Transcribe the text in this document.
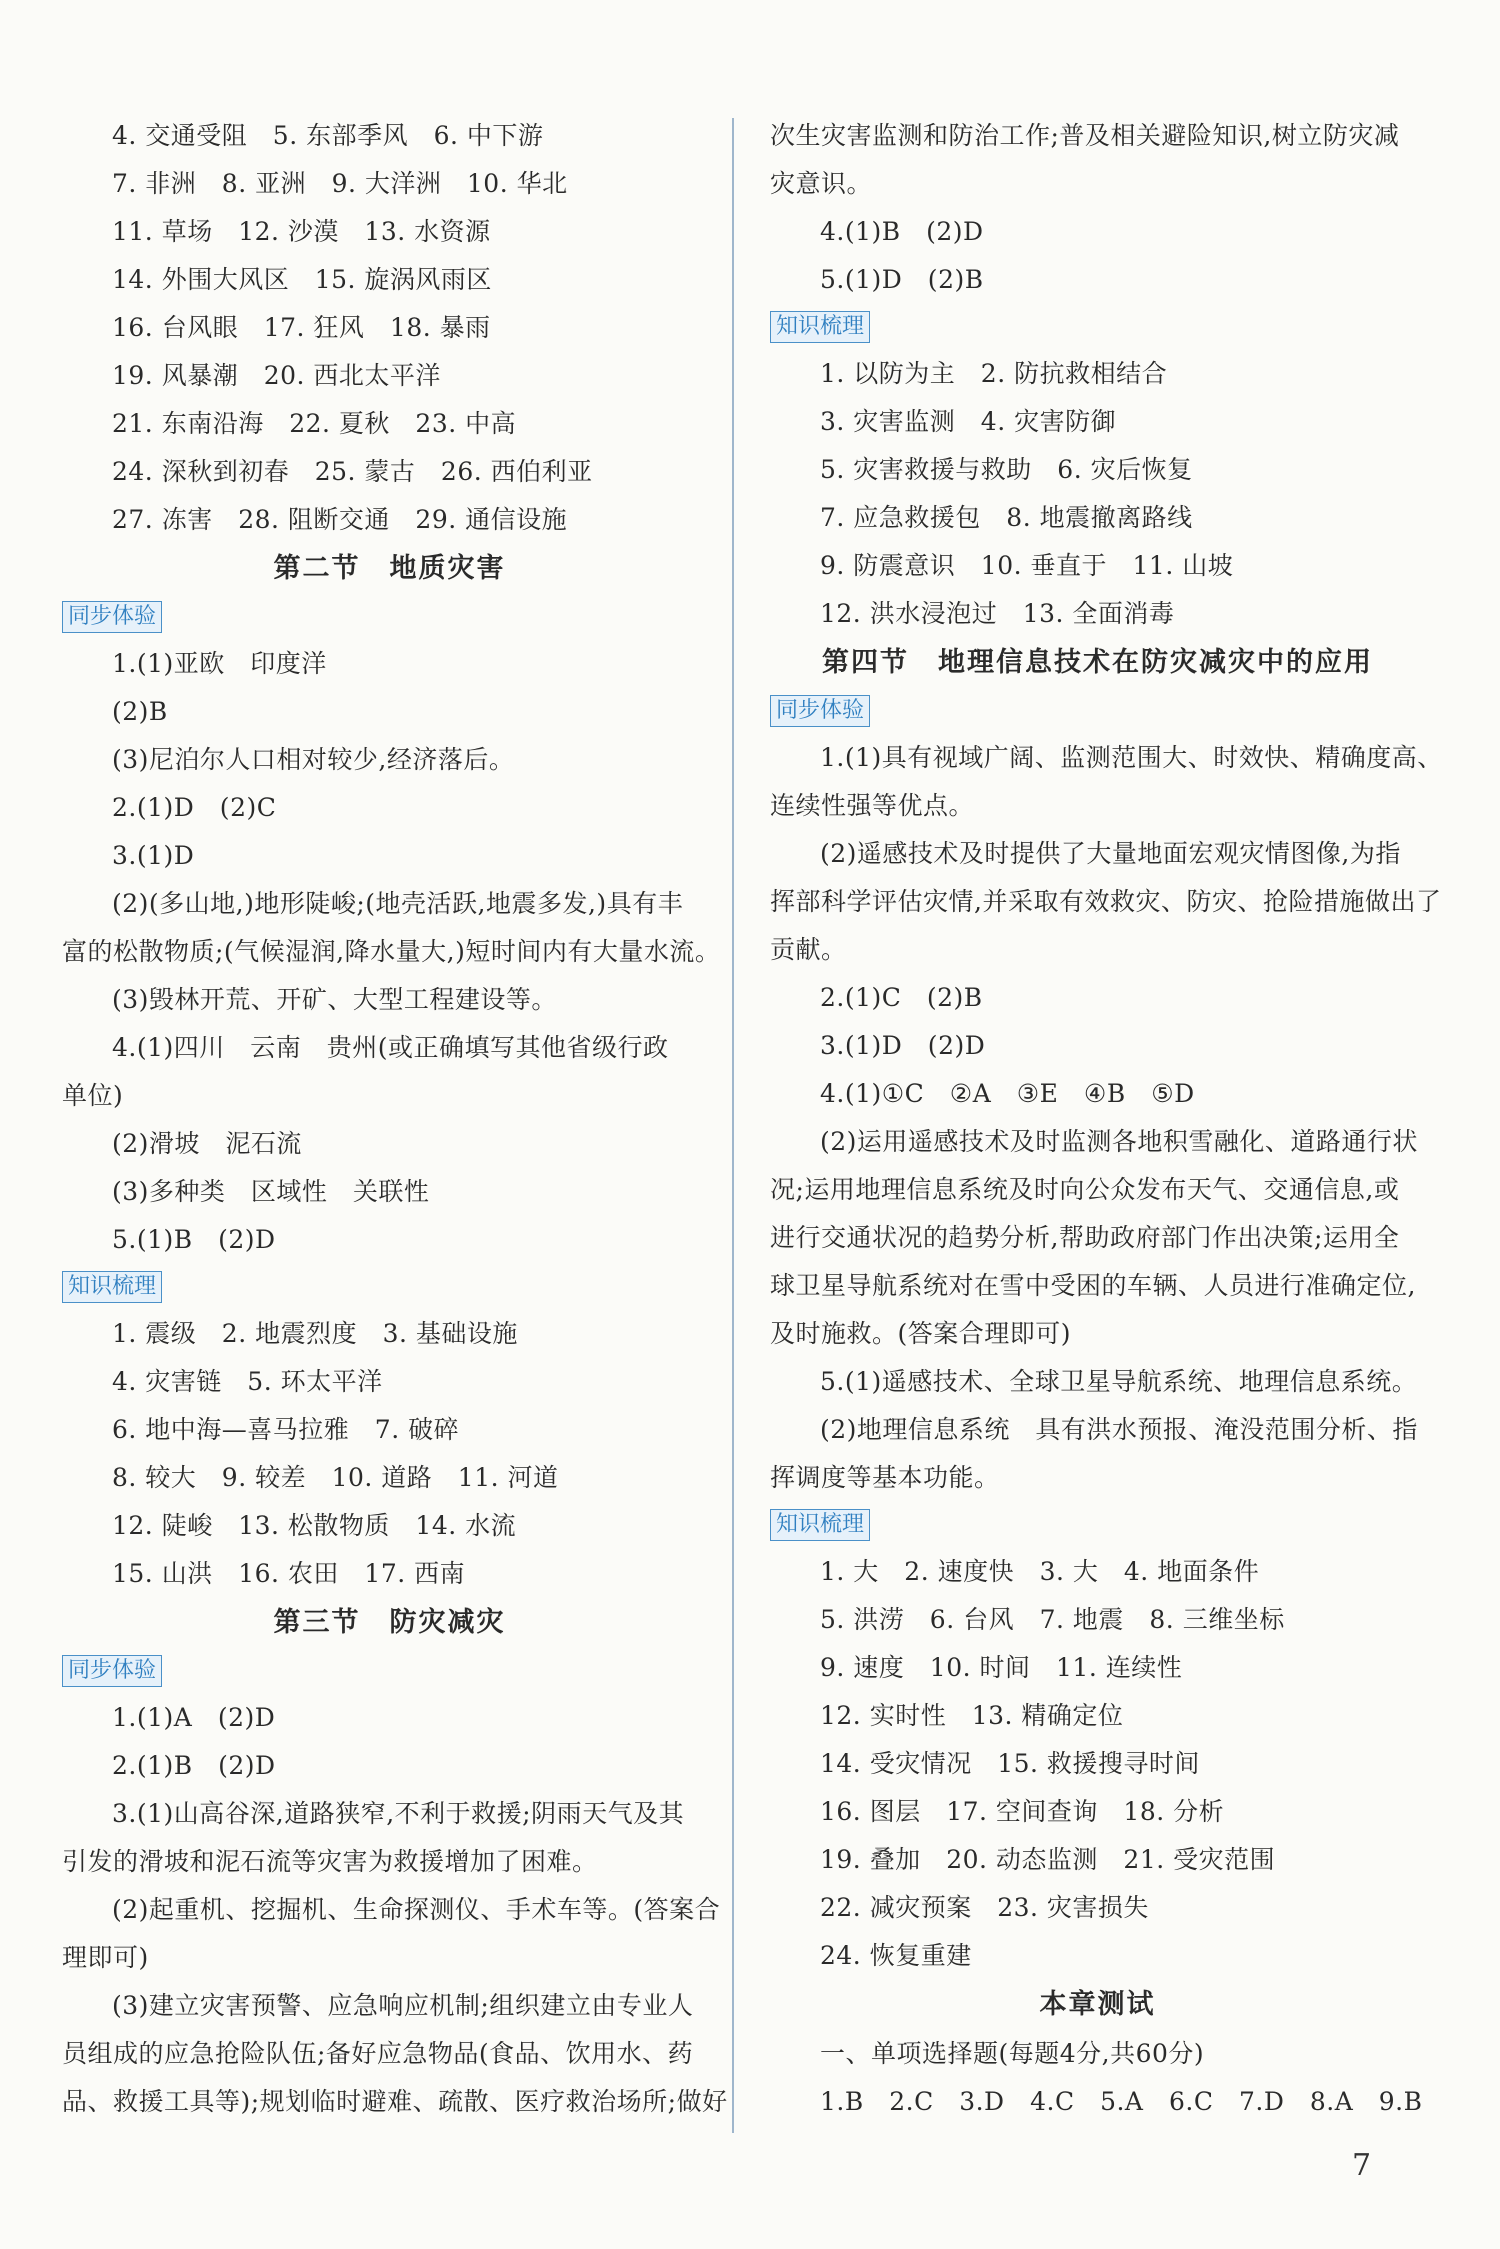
4. 交通受阻　5. 东部季风　6. 中下游
7. 非洲　8. 亚洲　9. 大洋洲　10. 华北
11. 草场　12. 沙漠　13. 水资源
14. 外围大风区　15. 旋涡风雨区
16. 台风眼　17. 狂风　18. 暴雨
19. 风暴潮　20. 西北太平洋
21. 东南沿海　22. 夏秋　23. 中高
24. 深秋到初春　25. 蒙古　26. 西伯利亚
27. 冻害　28. 阻断交通　29. 通信设施
第二节　地质灾害
同步体验
1.(1)亚欧　印度洋
(2)B
(3)尼泊尔人口相对较少,经济落后。
2.(1)D　(2)C
3.(1)D
(2)(多山地,)地形陡峻;(地壳活跃,地震多发,)具有丰
富的松散物质;(气候湿润,降水量大,)短时间内有大量水流。
(3)毁林开荒、开矿、大型工程建设等。
4.(1)四川　云南　贵州(或正确填写其他省级行政
单位)
(2)滑坡　泥石流
(3)多种类　区域性　关联性
5.(1)B　(2)D
知识梳理
1. 震级　2. 地震烈度　3. 基础设施
4. 灾害链　5. 环太平洋
6. 地中海—喜马拉雅　7. 破碎
8. 较大　9. 较差　10. 道路　11. 河道
12. 陡峻　13. 松散物质　14. 水流
15. 山洪　16. 农田　17. 西南
第三节　防灾减灾
同步体验
1.(1)A　(2)D
2.(1)B　(2)D
3.(1)山高谷深,道路狭窄,不利于救援;阴雨天气及其
引发的滑坡和泥石流等灾害为救援增加了困难。
(2)起重机、挖掘机、生命探测仪、手术车等。(答案合
理即可)
(3)建立灾害预警、应急响应机制;组织建立由专业人
员组成的应急抢险队伍;备好应急物品(食品、饮用水、药
品、救援工具等);规划临时避难、疏散、医疗救治场所;做好
次生灾害监测和防治工作;普及相关避险知识,树立防灾减
灾意识。
4.(1)B　(2)D
5.(1)D　(2)B
知识梳理
1. 以防为主　2. 防抗救相结合
3. 灾害监测　4. 灾害防御
5. 灾害救援与救助　6. 灾后恢复
7. 应急救援包　8. 地震撤离路线
9. 防震意识　10. 垂直于　11. 山坡
12. 洪水浸泡过　13. 全面消毒
第四节　地理信息技术在防灾减灾中的应用
同步体验
1.(1)具有视域广阔、监测范围大、时效快、精确度高、
连续性强等优点。
(2)遥感技术及时提供了大量地面宏观灾情图像,为指
挥部科学评估灾情,并采取有效救灾、防灾、抢险措施做出了
贡献。
2.(1)C　(2)B
3.(1)D　(2)D
4.(1)①C　②A　③E　④B　⑤D
(2)运用遥感技术及时监测各地积雪融化、道路通行状
况;运用地理信息系统及时向公众发布天气、交通信息,或
进行交通状况的趋势分析,帮助政府部门作出决策;运用全
球卫星导航系统对在雪中受困的车辆、人员进行准确定位,
及时施救。(答案合理即可)
5.(1)遥感技术、全球卫星导航系统、地理信息系统。
(2)地理信息系统　具有洪水预报、淹没范围分析、指
挥调度等基本功能。
知识梳理
1. 大　2. 速度快　3. 大　4. 地面条件
5. 洪涝　6. 台风　7. 地震　8. 三维坐标
9. 速度　10. 时间　11. 连续性
12. 实时性　13. 精确定位
14. 受灾情况　15. 救援搜寻时间
16. 图层　17. 空间查询　18. 分析
19. 叠加　20. 动态监测　21. 受灾范围
22. 减灾预案　23. 灾害损失
24. 恢复重建
本章测试
一、单项选择题(每题4分,共60分)
1.B　2.C　3.D　4.C　5.A　6.C　7.D　8.A　9.B
7
